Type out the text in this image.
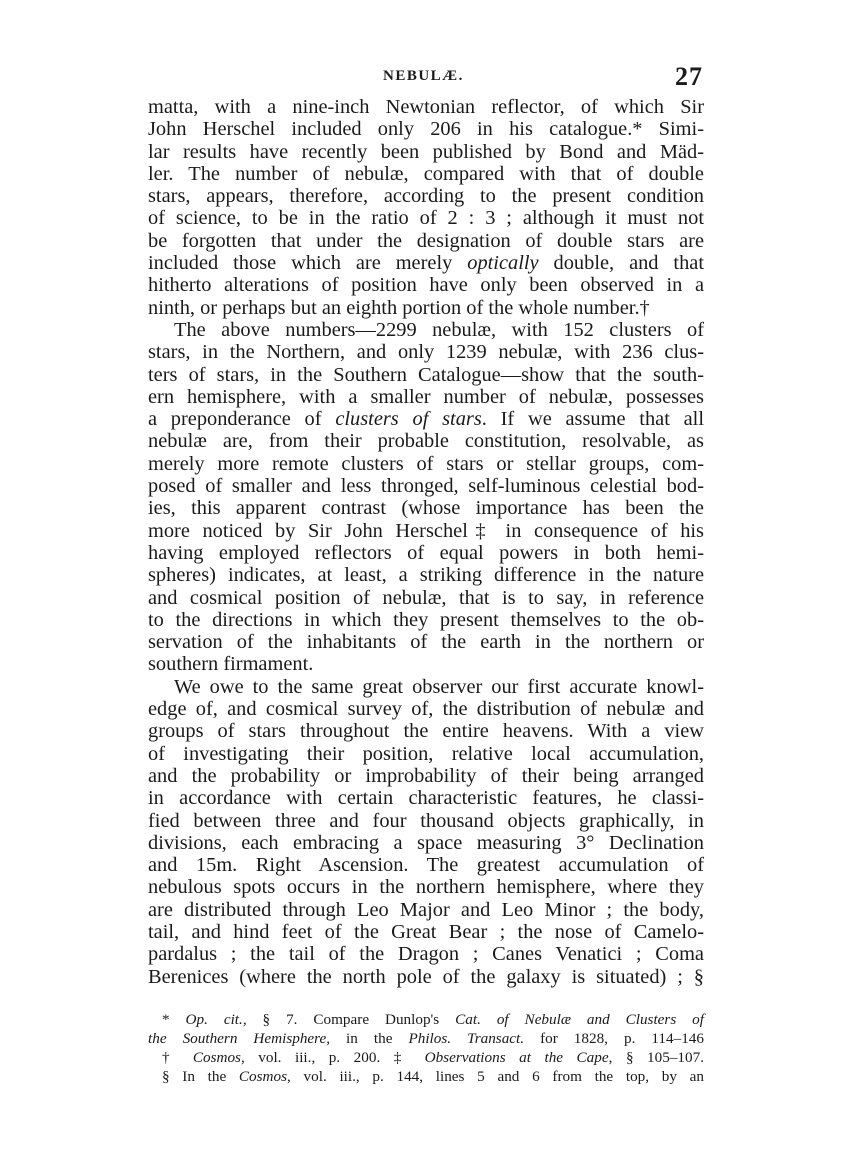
NEBULÆ.	27
matta, with a nine-inch Newtonian reflector, of which Sir
John Herschel included only 206 in his catalogue.* Simi-
lar results have recently been published by Bond and Mäd-
ler. The number of nebulæ, compared with that of double
stars, appears, therefore, according to the present condition
of science, to be in the ratio of 2 : 3 ; although it must not
be forgotten that under the designation of double stars are
included those which are merely optically double, and that
hitherto alterations of position have only been observed in a
ninth, or perhaps but an eighth portion of the whole number.†
The above numbers—2299 nebulæ, with 152 clusters of
stars, in the Northern, and only 1239 nebulæ, with 236 clus-
ters of stars, in the Southern Catalogue—show that the south-
ern hemisphere, with a smaller number of nebulæ, possesses
a preponderance of clusters of stars. If we assume that all
nebulæ are, from their probable constitution, resolvable, as
merely more remote clusters of stars or stellar groups, com-
posed of smaller and less thronged, self-luminous celestial bod-
ies, this apparent contrast (whose importance has been the
more noticed by Sir John Herschel‡ in consequence of his
having employed reflectors of equal powers in both hemi-
spheres) indicates, at least, a striking difference in the nature
and cosmical position of nebulæ, that is to say, in reference
to the directions in which they present themselves to the ob-
servation of the inhabitants of the earth in the northern or
southern firmament.
We owe to the same great observer our first accurate knowl-
edge of, and cosmical survey of, the distribution of nebulæ and
groups of stars throughout the entire heavens. With a view
of investigating their position, relative local accumulation,
and the probability or improbability of their being arranged
in accordance with certain characteristic features, he classi-
fied between three and four thousand objects graphically, in
divisions, each embracing a space measuring 3° Declination
and 15m. Right Ascension. The greatest accumulation of
nebulous spots occurs in the northern hemisphere, where they
are distributed through Leo Major and Leo Minor ; the body,
tail, and hind feet of the Great Bear ; the nose of Camelo-
pardalus ; the tail of the Dragon ; Canes Venatici ; Coma
Berenices (where the north pole of the galaxy is situated) ; §
* Op. cit., § 7. Compare Dunlop's Cat. of Nebulæ and Clusters of
the Southern Hemisphere, in the Philos. Transact. for 1828, p. 114–146
† Cosmos, vol. iii., p. 200. ‡ Observations at the Cape, § 105–107.
§ In the Cosmos, vol. iii., p. 144, lines 5 and 6 from the top, by an
